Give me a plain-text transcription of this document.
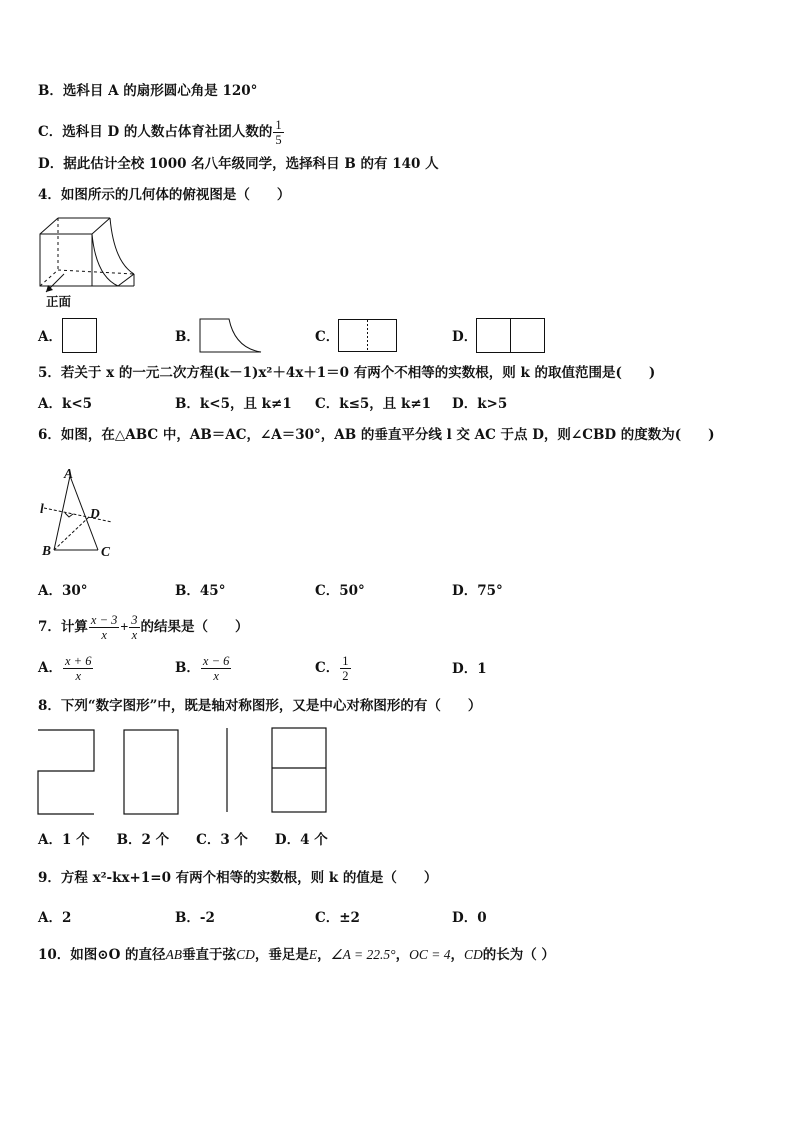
B．选科目 A 的扇形圆心角是 120°
C．选科目 D 的人数占体育社团人数的 $\frac{1}{5}$
D．据此估计全校 1000 名八年级同学，选择科目 B 的有 140 人
4．如图所示的几何体的俯视图是（　　）
正面
A．	B．	C．	D．
5．若关于 x 的一元二次方程(k－1)x²＋4x＋1＝0 有两个不相等的实数根，则 k 的取值范围是(　　)
A．k<5	B．k<5，且 k≠1 C．k≤5，且 k≠1 D．k>5
6．如图，在△ABC 中，AB＝AC，∠A＝30°，AB 的垂直平分线 l 交 AC 于点 D，则∠CBD 的度数为(　　)
A
l	D
B	C
A．30°	B．45°	C．50°	D．75°
7．计算 $\frac{x - 3}{x} + \frac{3}{x}$ 的结果是（　　）
A． $\frac{x + 6}{x}$	B． $\frac{x - 6}{x}$	C． $\frac{1}{2}$	D．1
8．下列“数字图形”中，既是轴对称图形，又是中心对称图形的有（　　）
A．1 个　　B．2 个　　C．3 个　　D．4 个
9．方程 x²-kx+1=0 有两个相等的实数根，则 k 的值是（　　）
A．2	B．-2	C．±2	D．0
10．如图⊙O 的直径AB垂直于弦CD，垂足是E，∠A = 22.5°，OC = 4，CD的长为（ ）
